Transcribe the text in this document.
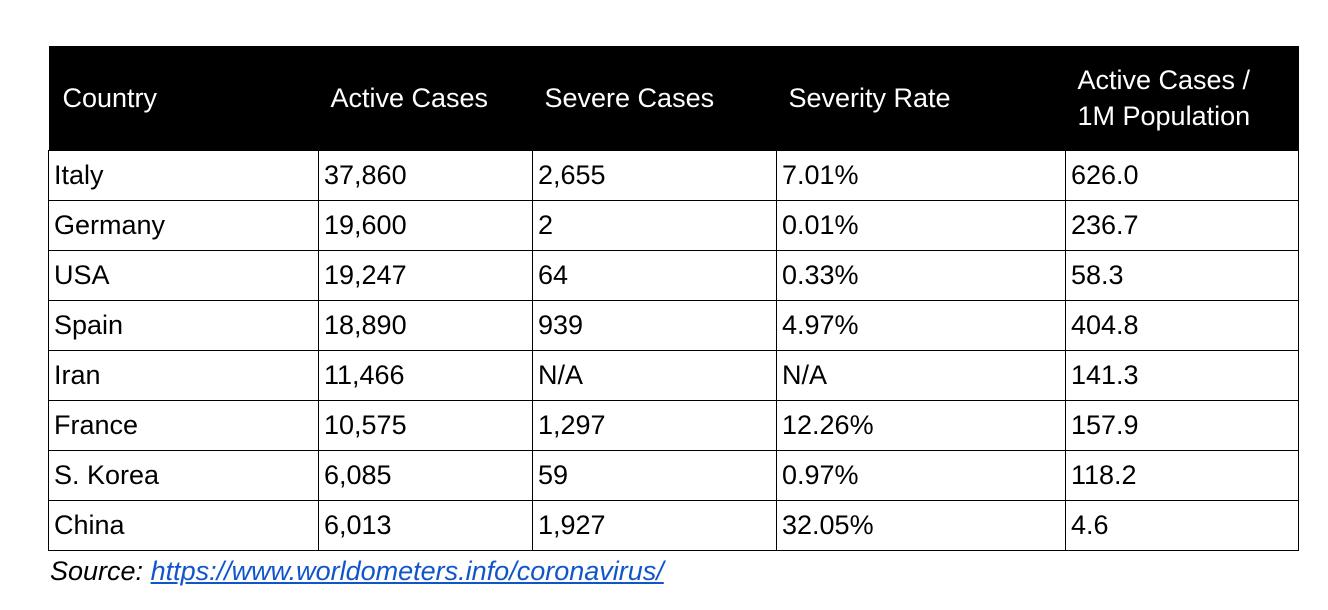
Country	Active Cases	Severe Cases	Severity Rate	Active Cases /
1M Population
Italy	37,860	2,655	7.01%	626.0
Germany	19,600	2	0.01%	236.7
USA	19,247	64	0.33%	58.3
Spain	18,890	939	4.97%	404.8
Iran	11,466	N/A	N/A	141.3
France	10,575	1,297	12.26%	157.9
S. Korea	6,085	59	0.97%	118.2
China	6,013	1,927	32.05%	4.6
Source: https://www.worldometers.info/coronavirus/
